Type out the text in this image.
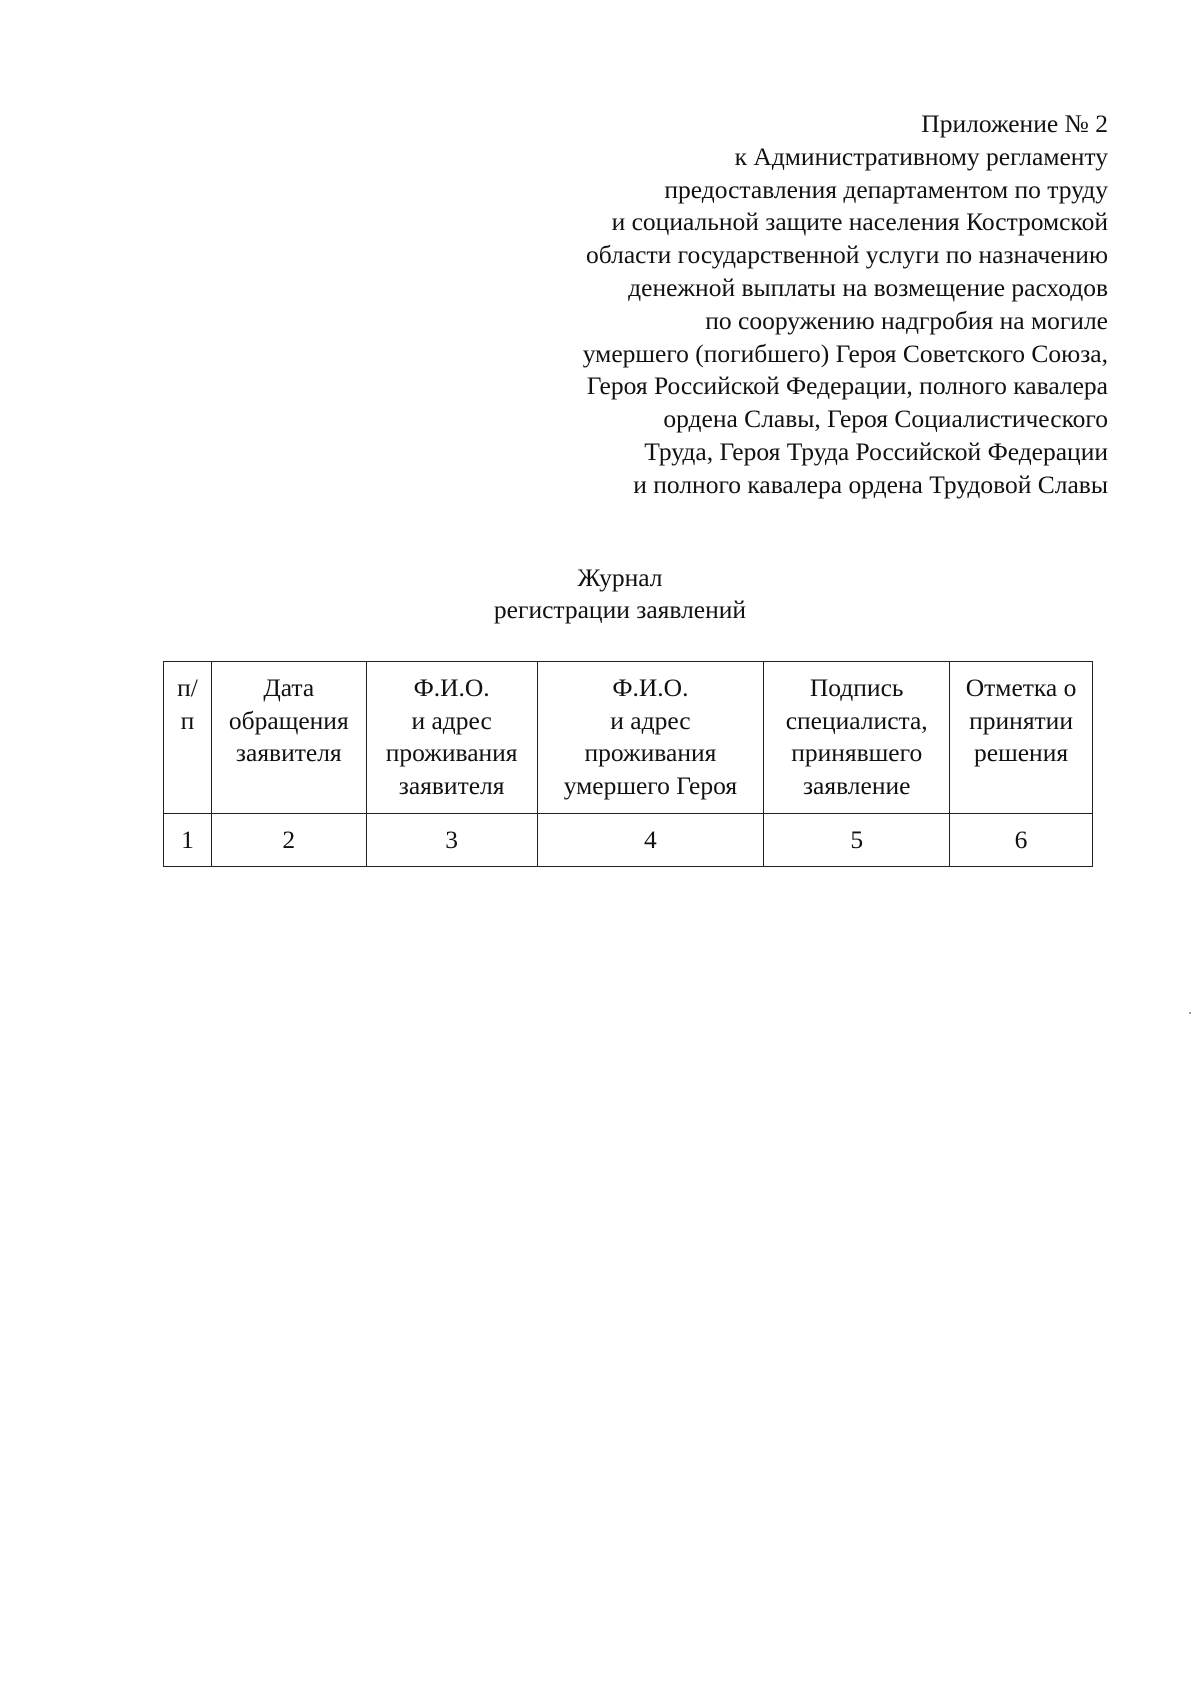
Приложение № 2
к Административному регламенту
предоставления департаментом по труду
и социальной защите населения Костромской
области государственной услуги по назначению
денежной выплаты на возмещение расходов
по сооружению надгробия на могиле
умершего (погибшего) Героя Советского Союза,
Героя Российской Федерации, полного кавалера
ордена Славы, Героя Социалистического
Труда, Героя Труда Российской Федерации
и полного кавалера ордена Трудовой Славы
Журнал
регистрации заявлений
п/
п	Дата
обращения
заявителя	Ф.И.О.
и адрес
проживания
заявителя	Ф.И.О.
и адрес
проживания
умершего Героя	Подпись
специалиста,
принявшего
заявление	Отметка о
принятии
решения

1	2	3	4	5	6
